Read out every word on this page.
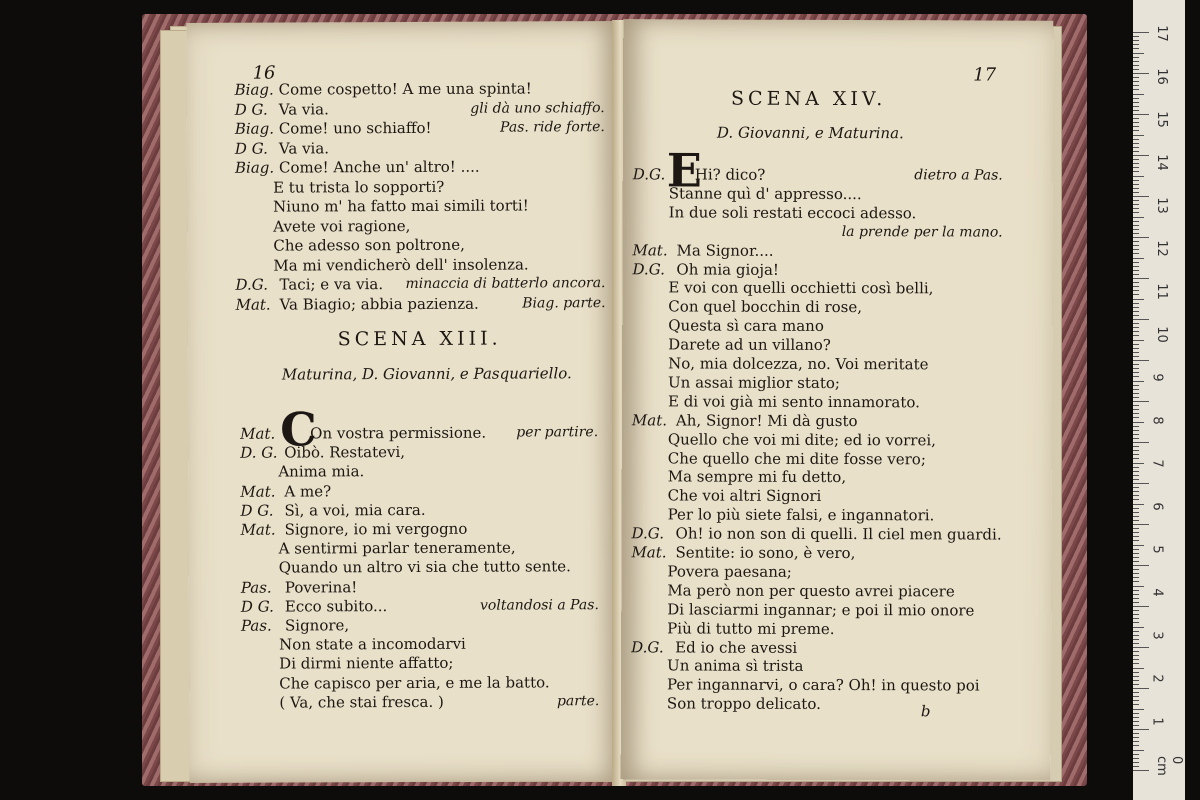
16
Biag. Come cospetto! A me una spinta!
D G. Va via.	gli dà uno schiaffo.
Biag. Come! uno schiaffo!	Pas. ride forte.
D G. Va via.
Biag. Come! Anche un' altro! ....
E tu trista lo sopporti?
Niuno m' ha fatto mai simili torti!
Avete voi ragione,
Che adesso son poltrone,
Ma mi vendicherò dell' insolenza.
D.G. Taci; e va via. minaccia di batterlo ancora.
Mat. Va Biagio; abbia pazienza.	Biag. parte.
SCENA XIII.
Maturina, D. Giovanni, e Pasquariello.
C
Mat. On vostra permissione. per partire.
D. G. Oibò. Restatevi,
Anima mia.
Mat. A me?
D G. Sì, a voi, mia cara.
Mat. Signore, io mi vergogno
A sentirmi parlar teneramente,
Quando un altro vi sia che tutto sente.
Pas. Poverina!
D G. Ecco subito...	voltandosi a Pas.
Pas. Signore,
Non state a incomodarvi
Di dirmi niente affatto;
Che capisco per aria, e me la batto.
( Va, che stai fresca. )	parte.
17
SCENA XIV.
D. Giovanni, e Maturina.
E
D.G. Hi? dico?	dietro a Pas.
Stanne quì d' appresso....
In due soli restati eccoci adesso.
la prende per la mano.
Mat. Ma Signor....
D.G. Oh mia gioja!
E voi con quelli occhietti così belli,
Con quel bocchin di rose,
Questa sì cara mano
Darete ad un villano?
No, mia dolcezza, no. Voi meritate
Un assai miglior stato;
E di voi già mi sento innamorato.
Mat. Ah, Signor! Mi dà gusto
Quello che voi mi dite; ed io vorrei,
Che quello che mi dite fosse vero;
Ma sempre mi fu detto,
Che voi altri Signori
Per lo più siete falsi, e ingannatori.
D.G. Oh! io non son di quelli. Il ciel men guardi.
Mat. Sentite: io sono, è vero,
Povera paesana;
Ma però non per questo avrei piacere
Di lasciarmi ingannar; e poi il mio onore
Più di tutto mi preme.
D.G. Ed io che avessi
Un anima sì trista
Per ingannarvi, o cara? Oh! in questo poi
Son troppo delicato.	b
17
16
15
14
13
12
11
10
9
8
7
6
5
4
3
2
1
0 cm
